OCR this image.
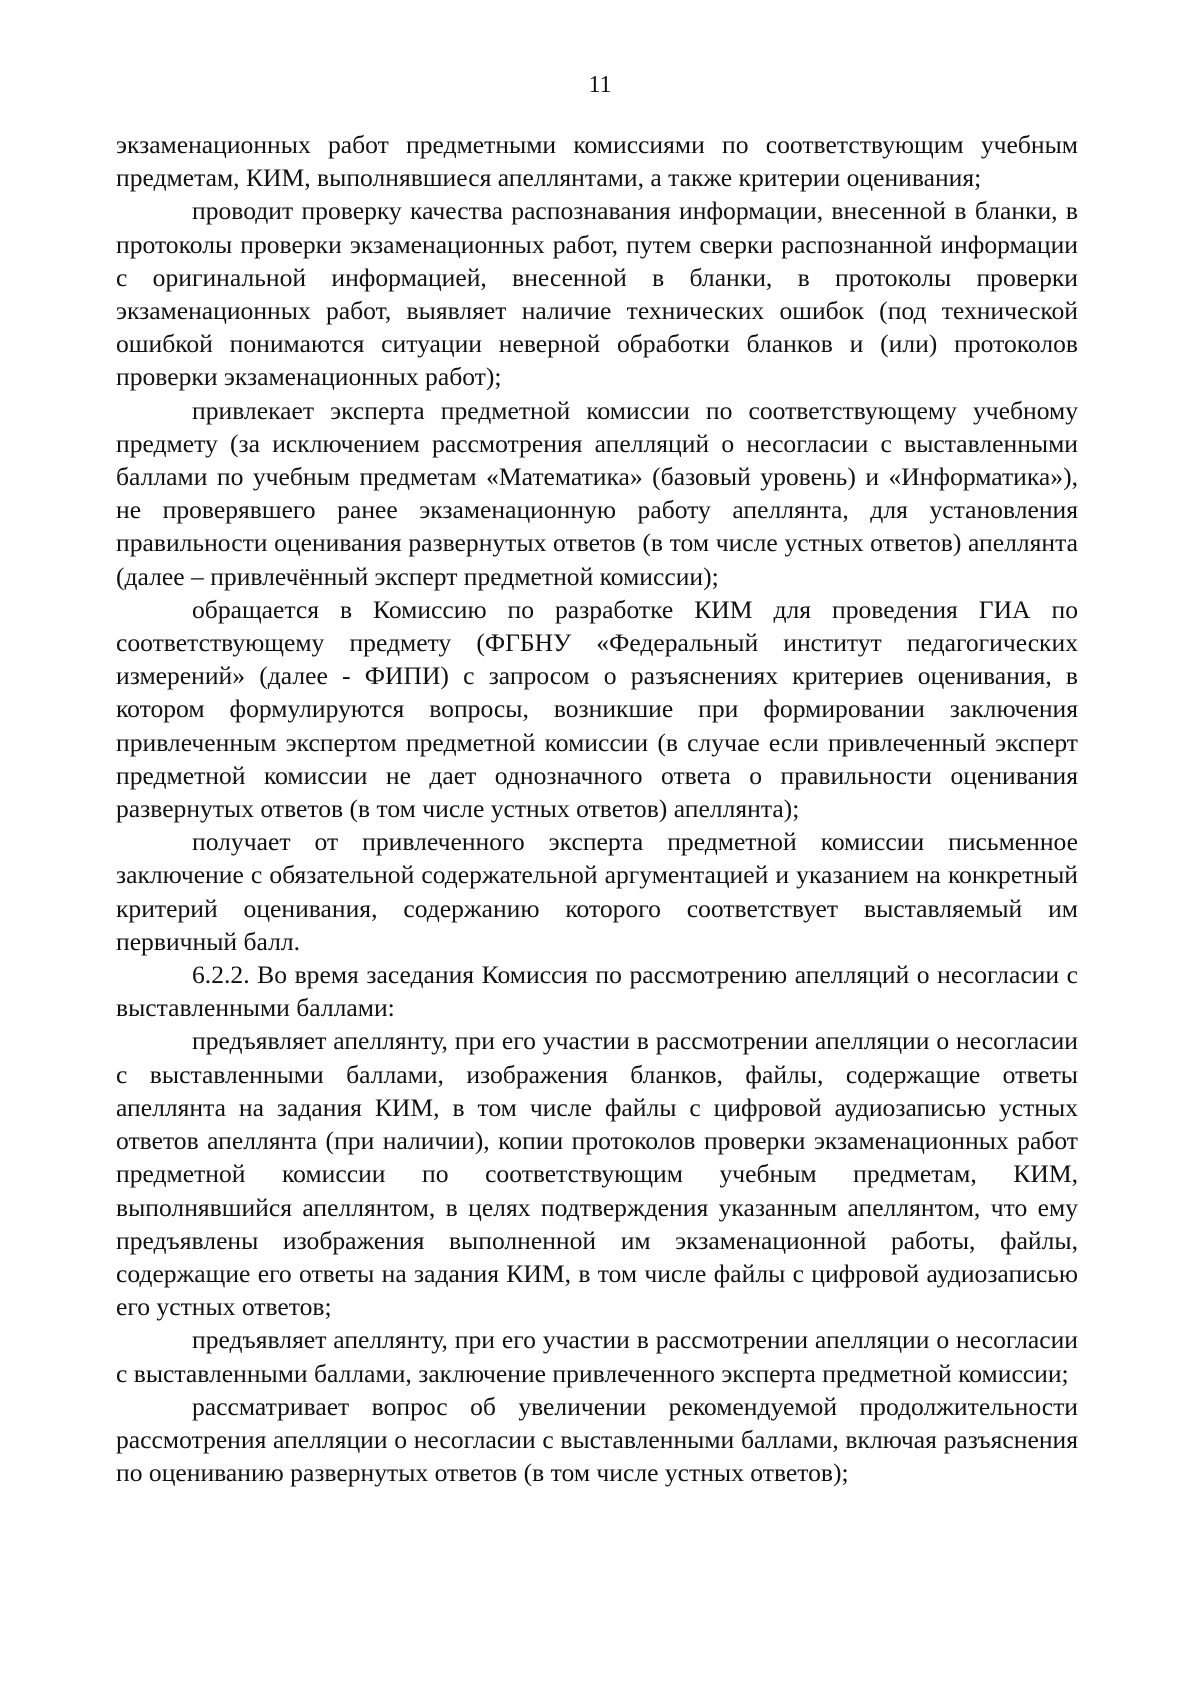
11

экзаменационных работ предметными комиссиями по соответствующим учебным предметам, КИМ, выполнявшиеся апеллянтами, а также критерии оценивания;

проводит проверку качества распознавания информации, внесенной в бланки, в протоколы проверки экзаменационных работ, путем сверки распознанной информации с оригинальной информацией, внесенной в бланки, в протоколы проверки экзаменационных работ, выявляет наличие технических ошибок (под технической ошибкой понимаются ситуации неверной обработки бланков и (или) протоколов проверки экзаменационных работ);

привлекает эксперта предметной комиссии по соответствующему учебному предмету (за исключением рассмотрения апелляций о несогласии с выставленными баллами по учебным предметам «Математика» (базовый уровень) и «Информатика»), не проверявшего ранее экзаменационную работу апеллянта, для установления правильности оценивания развернутых ответов (в том числе устных ответов) апеллянта (далее – привлечённый эксперт предметной комиссии);

обращается в Комиссию по разработке КИМ для проведения ГИА по соответствующему предмету (ФГБНУ «Федеральный институт педагогических измерений» (далее - ФИПИ) с запросом о разъяснениях критериев оценивания, в котором формулируются вопросы, возникшие при формировании заключения привлеченным экспертом предметной комиссии (в случае если привлеченный эксперт предметной комиссии не дает однозначного ответа о правильности оценивания развернутых ответов (в том числе устных ответов) апеллянта);

получает от привлеченного эксперта предметной комиссии письменное заключение с обязательной содержательной аргументацией и указанием на конкретный критерий оценивания, содержанию которого соответствует выставляемый им первичный балл.

6.2.2. Во время заседания Комиссия по рассмотрению апелляций о несогласии с выставленными баллами:

предъявляет апеллянту, при его участии в рассмотрении апелляции о несогласии с выставленными баллами, изображения бланков, файлы, содержащие ответы апеллянта на задания КИМ, в том числе файлы с цифровой аудиозаписью устных ответов апеллянта (при наличии), копии протоколов проверки экзаменационных работ предметной комиссии по соответствующим учебным предметам, КИМ, выполнявшийся апеллянтом, в целях подтверждения указанным апеллянтом, что ему предъявлены изображения выполненной им экзаменационной работы, файлы, содержащие его ответы на задания КИМ, в том числе файлы с цифровой аудиозаписью его устных ответов;

предъявляет апеллянту, при его участии в рассмотрении апелляции о несогласии с выставленными баллами, заключение привлеченного эксперта предметной комиссии;

рассматривает вопрос об увеличении рекомендуемой продолжительности рассмотрения апелляции о несогласии с выставленными баллами, включая разъяснения по оцениванию развернутых ответов (в том числе устных ответов);
